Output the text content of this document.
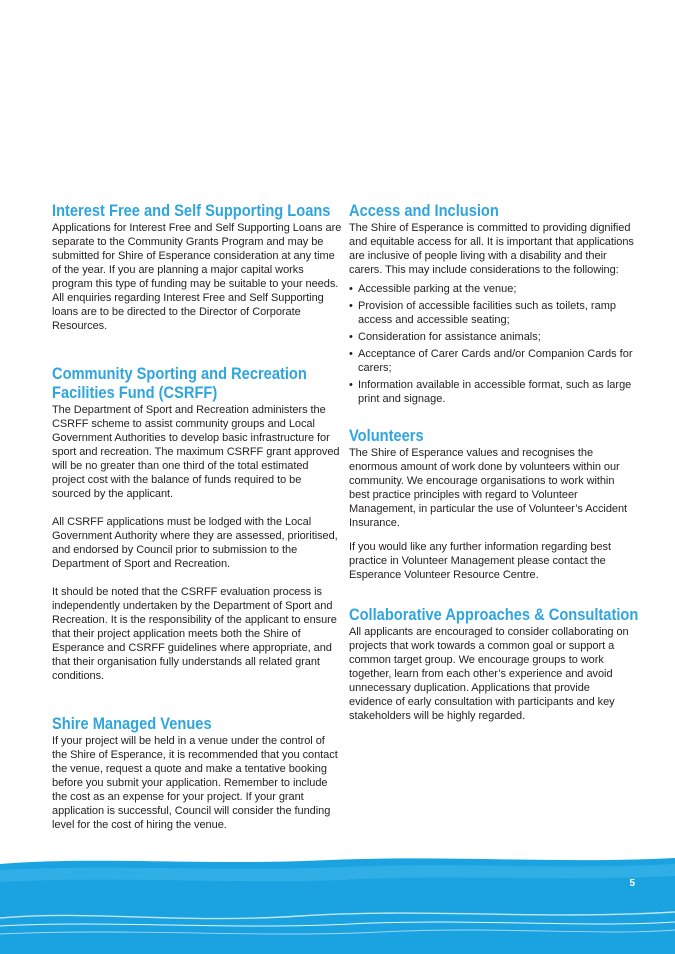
Interest Free and Self Supporting Loans

Applications for Interest Free and Self Supporting Loans are separate to the Community Grants Program and may be submitted for Shire of Esperance consideration at any time of the year. If you are planning a major capital works program this type of funding may be suitable to your needs. All enquiries regarding Interest Free and Self Supporting loans are to be directed to the Director of Corporate Resources.

Community Sporting and Recreation
Facilities Fund (CSRFF)

The Department of Sport and Recreation administers the CSRFF scheme to assist community groups and Local Government Authorities to develop basic infrastructure for sport and recreation. The maximum CSRFF grant approved will be no greater than one third of the total estimated project cost with the balance of funds required to be sourced by the applicant.

All CSRFF applications must be lodged with the Local Government Authority where they are assessed, prioritised, and endorsed by Council prior to submission to the Department of Sport and Recreation.

It should be noted that the CSRFF evaluation process is independently undertaken by the Department of Sport and Recreation. It is the responsibility of the applicant to ensure that their project application meets both the Shire of Esperance and CSRFF guidelines where appropriate, and that their organisation fully understands all related grant conditions.

Shire Managed Venues

If your project will be held in a venue under the control of the Shire of Esperance, it is recommended that you contact the venue, request a quote and make a tentative booking before you submit your application. Remember to include the cost as an expense for your project. If your grant application is successful, Council will consider the funding level for the cost of hiring the venue.

Access and Inclusion

The Shire of Esperance is committed to providing dignified and equitable access for all. It is important that applications are inclusive of people living with a disability and their carers. This may include considerations to the following:

• Accessible parking at the venue;
• Provision of accessible facilities such as toilets, ramp access and accessible seating;
• Consideration for assistance animals;
• Acceptance of Carer Cards and/or Companion Cards for carers;
• Information available in accessible format, such as large print and signage.
Volunteers

The Shire of Esperance values and recognises the enormous amount of work done by volunteers within our community. We encourage organisations to work within best practice principles with regard to Volunteer Management, in particular the use of Volunteer’s Accident Insurance.

If you would like any further information regarding best practice in Volunteer Management please contact the Esperance Volunteer Resource Centre.

Collaborative Approaches & Consultation

All applicants are encouraged to consider collaborating on projects that work towards a common goal or support a common target group. We encourage groups to work together, learn from each other’s experience and avoid unnecessary duplication. Applications that provide evidence of early consultation with participants and key stakeholders will be highly regarded.

5
